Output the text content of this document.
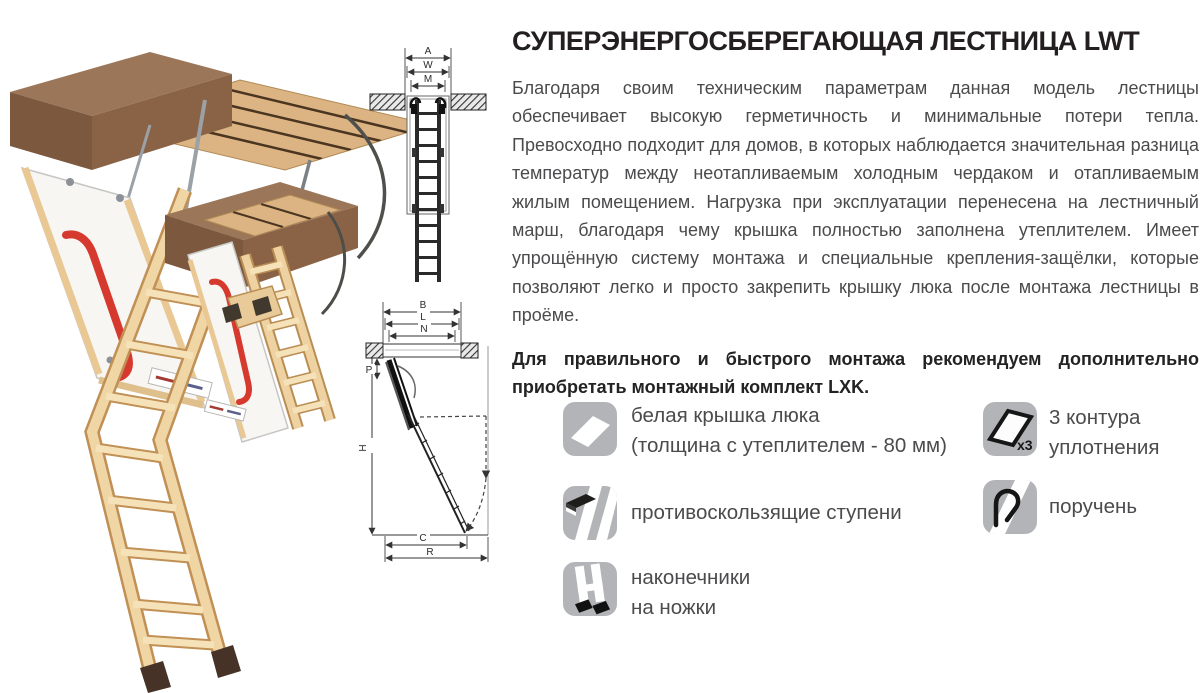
A
W
M
B
L
N
P
H
C
R
СУПЕРЭНЕРГОСБЕРЕГАЮЩАЯ ЛЕСТНИЦА LWT

Благодаря своим техническим параметрам данная модель лестницы обеспечивает высокую герметичность и минимальные потери тепла. Превосходно подходит для домов, в которых наблюдается значительная разница температур между неотапливаемым холодным чердаком и отапливаемым жилым помещением. Нагрузка при эксплуатации перенесена на лестничный марш, благодаря чему крышка полностью заполнена утеплителем. Имеет упрощённую систему монтажа и специальные крепления-защёлки, которые позволяют легко и просто закрепить крышку люка после монтажа лестницы в проёме.

Для правильного и быстрого монтажа рекомендуем дополнительно приобретать монтажный комплект LXK.

белая крышка люка
(толщина с утеплителем - 80 мм)
противоскользящие ступени
наконечники
на ножки
x3
3 контура
уплотнения
поручень
